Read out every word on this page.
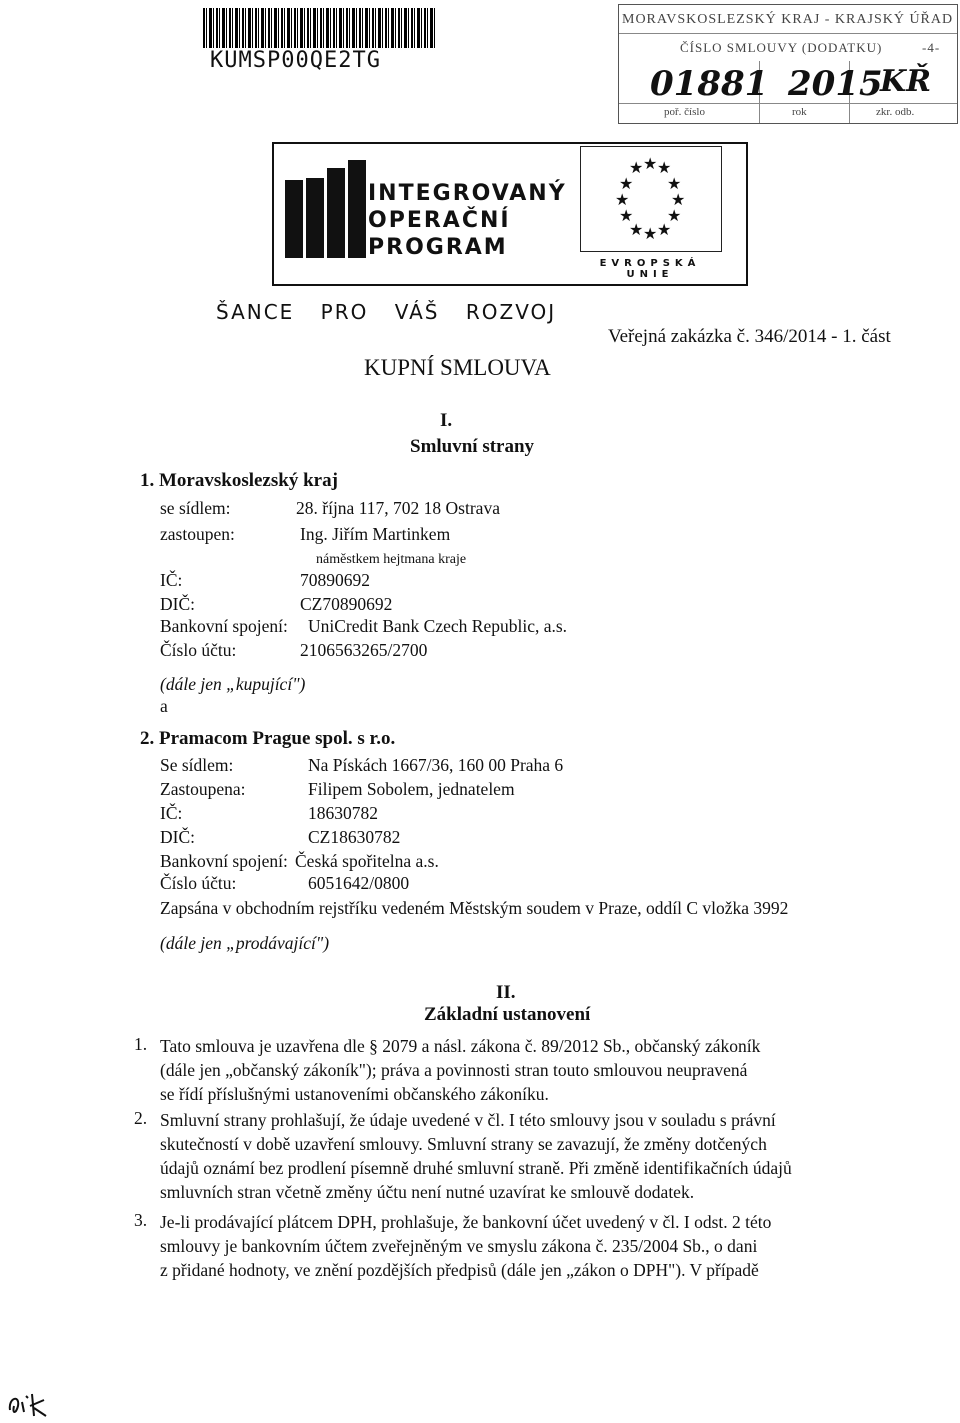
KUMSP00QE2TG
MORAVSKOSLEZSKÝ KRAJ - KRAJSKÝ ÚŘAD
ČÍSLO SMLOUVY (DODATKU)	-4-
01881 2015
KŘ
poř. číslo	rok	zkr. odb.
INTEGROVANÝ
OPERAČNÍ
PROGRAM
★ ★ ★
★ ★
★	★
★ ★
★ ★ ★
EVROPSKÁ UNIE
ŠANCE PRO VÁŠ ROZVOJ
Veřejná zakázka č. 346/2014 - 1. část
KUPNÍ SMLOUVA
I.
Smluvní strany
1. Moravskoslezský kraj
se sídlem:	28. října 117, 702 18 Ostrava
zastoupen:	Ing. Jiřím Martinkem
náměstkem hejtmana kraje
IČ:	70890692
DIČ:	CZ70890692
Bankovní spojení: UniCredit Bank Czech Republic, a.s.
Číslo účtu:	2106563265/2700
(dále jen „kupující")
a
2. Pramacom Prague spol. s r.o.
Se sídlem:	Na Pískách 1667/36, 160 00 Praha 6
Zastoupena:	Filipem Sobolem, jednatelem
IČ:	18630782
DIČ:	CZ18630782
Bankovní spojení: Česká spořitelna a.s.
Číslo účtu:	6051642/0800
Zapsána v obchodním rejstříku vedeném Městským soudem v Praze, oddíl C vložka 3992
(dále jen „prodávající")
II.
Základní ustanovení
1. Tato smlouva je uzavřena dle § 2079 a násl. zákona č. 89/2012 Sb., občanský zákoník
(dále jen „občanský zákoník"); práva a povinnosti stran touto smlouvou neupravená
se řídí příslušnými ustanoveními občanského zákoníku.
2. Smluvní strany prohlašují, že údaje uvedené v čl. I této smlouvy jsou v souladu s právní
skutečností v době uzavření smlouvy. Smluvní strany se zavazují, že změny dotčených
údajů oznámí bez prodlení písemně druhé smluvní straně. Při změně identifikačních údajů
smluvních stran včetně změny účtu není nutné uzavírat ke smlouvě dodatek.
3. Je-li prodávající plátcem DPH, prohlašuje, že bankovní účet uvedený v čl. I odst. 2 této
smlouvy je bankovním účtem zveřejněným ve smyslu zákona č. 235/2004 Sb., o dani
z přidané hodnoty, ve znění pozdějších předpisů (dále jen „zákon o DPH"). V případě
